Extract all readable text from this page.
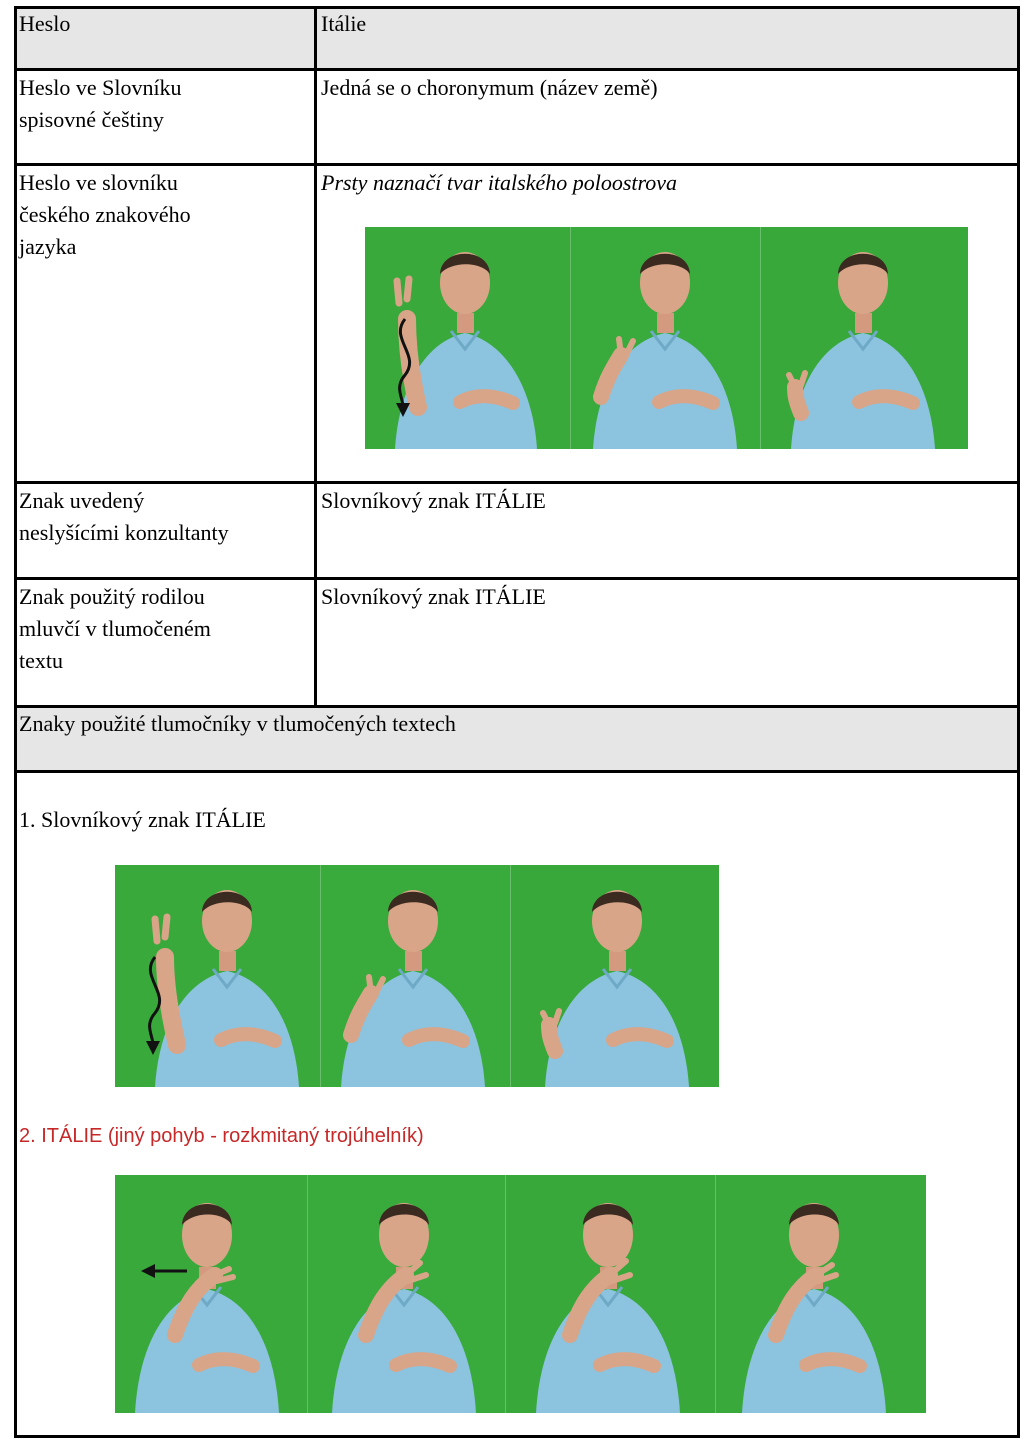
Heslo	Itálie
Heslo ve Slovníku
spisovné češtiny
Jedná se o choronymum (název země)
Heslo ve slovníku
českého znakového
jazyka
Prsty naznačí tvar italského poloostrova
Znak uvedený
neslyšícími konzultanty
Slovníkový znak ITÁLIE
Znak použitý rodilou
mluvčí v tlumočeném
textu
Slovníkový znak ITÁLIE
Znaky použité tlumočníky v tlumočených textech
1. Slovníkový znak ITÁLIE
2. ITÁLIE (jiný pohyb - rozkmitaný trojúhelník)
